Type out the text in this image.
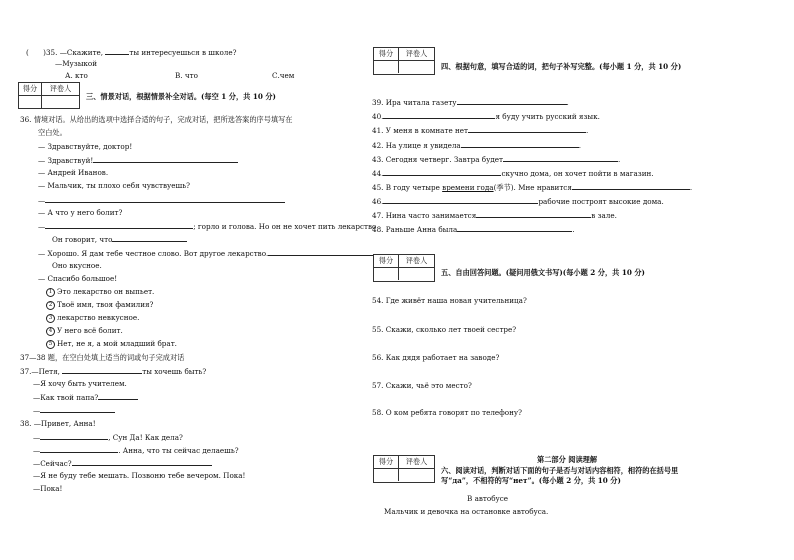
(　　)35. —Скажите,	ты интересуешься в школе?
—Музыкой
А. кто	В. что	С.чем
得分	评卷人
三、情景对话，根据情景补全对话。(每空 1 分，共 10 分)
36. 情境对话。从给出的选项中选择合适的句子，完成对话，把所选答案的序号填写在
空白处。
— Здравствуйте, доктор!
— Здравствуй!
— Андрей Иванов.
— Мальчик, ты плохо себя чувствуешь?
—
— А что у него болит?
—	; горло и голова. Но он не хочет пить лекарство
Он говорит, что
— Хорошо. Я дам тебе честное слово. Вот другое лекарство.
Оно вкусное.
— Спасибо большое!
1 Это лекарство он выпьет.
2 Твоё имя, твоя фамилия?
3 лекарство невкусное.
4 У него всё болит.
5 Нет, не я, а мой младший брат.
37—38 题，在空白处填上适当的词或句子完成对话
37.—Петя,	ты хочешь быть?
—Я хочу быть учителем.
—Как твой папа?
—
38. —Привет, Анна!
—	, Сун Да! Как дела?
—	. Анна, что ты сейчас делаешь?
—Сейчас?
—Я не буду тебе мешать. Позвоню тебе вечером. Пока!
—Пока!
得分	评卷人
四、根据句意，填写合适的词，把句子补写完整。(每小题 1 分，共 10 分)
39. Ира читала газету	.
40.	я буду учить русский язык.
41. У меня в комнате нет	.
42. На улице я увидела	.
43. Сегодня четверг. Завтра будет	.
44.	скучно дома, он хочет пойти в магазин.
45. В году четыре времени года(季节). Мне нравится	.
46.	рабочие построят высокие дома.
47. Нина часто занимается	в зале.
48. Раньше Анна была	.
得分	评卷人
五、自由回答问题。(疑问用俄文书写)(每小题 2 分，共 10 分)
54. Где живёт наша новая учительница?
55. Скажи, сколько лет твоей сестре?
56. Как дядя работает на заводе?
57. Скажи, чьё это место?
58. О ком ребята говорят по телефону?
第二部分 阅读理解
得分	评卷人
六、阅读对话，判断对话下面的句子是否与对话内容相符，相符的在括号里
写“да”，不相符的写“нет”。(每小题 2 分，共 10 分)
В автобусе
Мальчик и девочка на остановке автобуса.
